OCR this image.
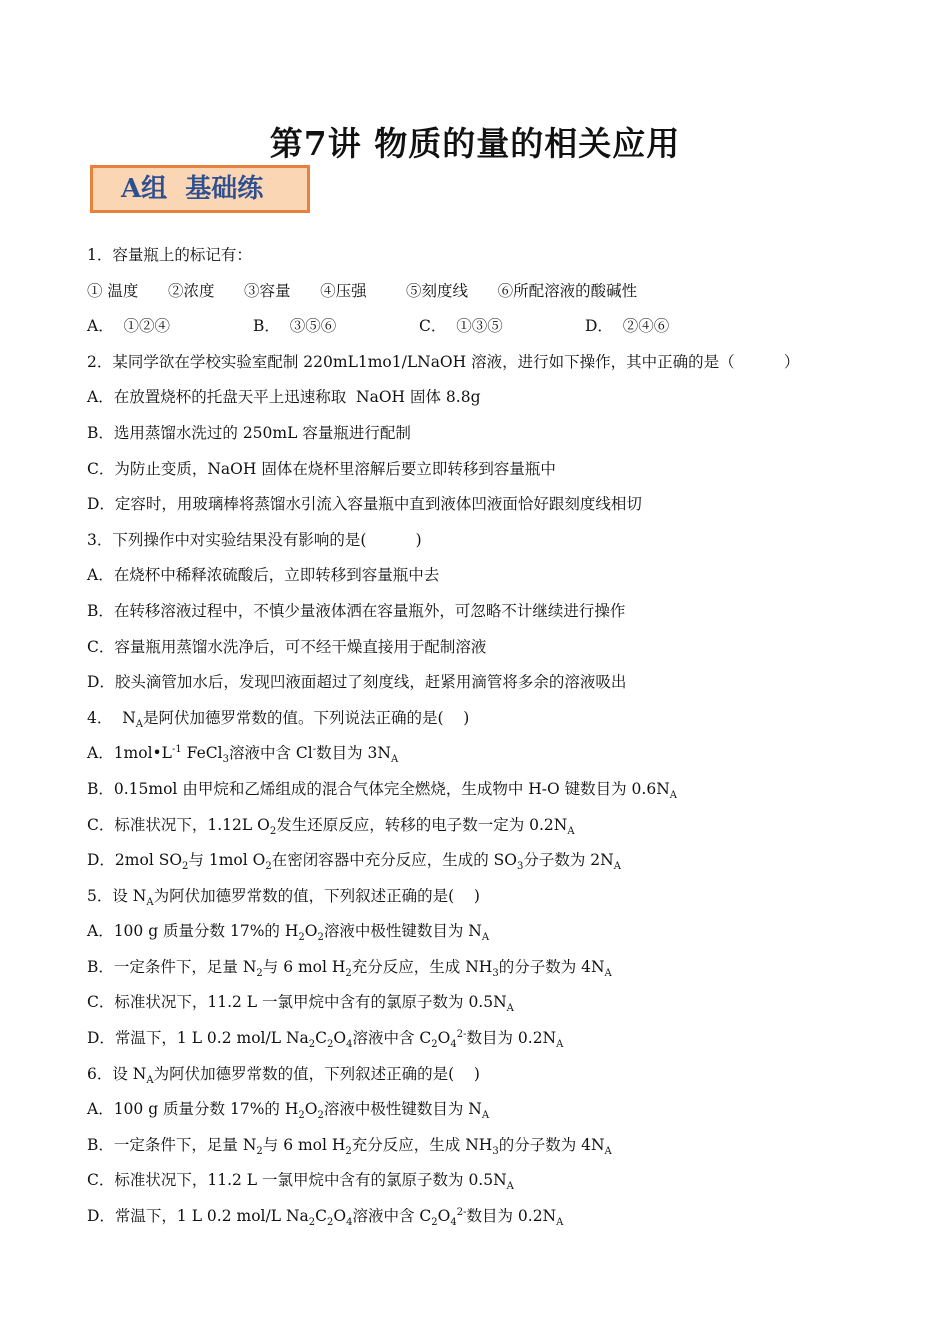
第7讲 物质的量的相关应用
A组  基础练
1．容量瓶上的标记有：
① 温度      ②浓度      ③容量      ④压强        ⑤刻度线      ⑥所配溶液的酸碱性
A．  ①②④	B．  ③⑤⑥	C．  ①③⑤	D．  ②④⑥
2．某同学欲在学校实验室配制 220mL1mo1/LNaOH 溶液，进行如下操作，其中正确的是（          ）
A．在放置烧杯的托盘天平上迅速称取  NaOH 固体 8.8g
B．选用蒸馏水洗过的 250mL 容量瓶进行配制
C．为防止变质，NaOH 固体在烧杯里溶解后要立即转移到容量瓶中
D．定容时，用玻璃棒将蒸馏水引流入容量瓶中直到液体凹液面恰好跟刻度线相切
3．下列操作中对实验结果没有影响的是(          )
A．在烧杯中稀释浓硫酸后，立即转移到容量瓶中去
B．在转移溶液过程中，不慎少量液体洒在容量瓶外，可忽略不计继续进行操作
C．容量瓶用蒸馏水洗净后，可不经干燥直接用于配制溶液
D．胶头滴管加水后，发现凹液面超过了刻度线，赶紧用滴管将多余的溶液吸出
4． $N_A$是阿伏加德罗常数的值。下列说法正确的是(    )
A．$1mol•L^{-1}$ FeCl$_3$溶液中含 Cl-数目为 $3N_A$
B．0.15mol 由甲烷和乙烯组成的混合气体完全燃烧，生成物中 H-O 键数目为 $0.6N_A$
C．标准状况下，1.12L $O_2$发生还原反应，转移的电子数一定为 $0.2N_A$
D．2mol $SO_2$与 1mol $O_2$在密闭容器中充分反应，生成的 $SO_3$分子数为 $2N_A$
5．设 $N_A$为阿伏加德罗常数的值，下列叙述正确的是(    )
A．100 g 质量分数 17%的 $H_2O_2$溶液中极性键数目为 $N_A$
B．一定条件下，足量 $N_2$与 6 mol $H_2$充分反应，生成 $NH_3$的分子数为 $4N_A$
C．标准状况下，11.2 L 一氯甲烷中含有的氯原子数为 $0.5N_A$
D．常温下，1 L 0.2 mol/L $Na_2C_2O_4$溶液中含 $C_2O_4^{2-}$数目为 $0.2N_A$
6．设 $N_A$为阿伏加德罗常数的值，下列叙述正确的是(    )
A．100 g 质量分数 17%的 $H_2O_2$溶液中极性键数目为 $N_A$
B．一定条件下，足量 $N_2$与 6 mol $H_2$充分反应，生成 $NH_3$的分子数为 $4N_A$
C．标准状况下，11.2 L 一氯甲烷中含有的氯原子数为 $0.5N_A$
D．常温下，1 L 0.2 mol/L $Na_2C_2O_4$溶液中含 $C_2O_4^{2-}$数目为 $0.2N_A$
